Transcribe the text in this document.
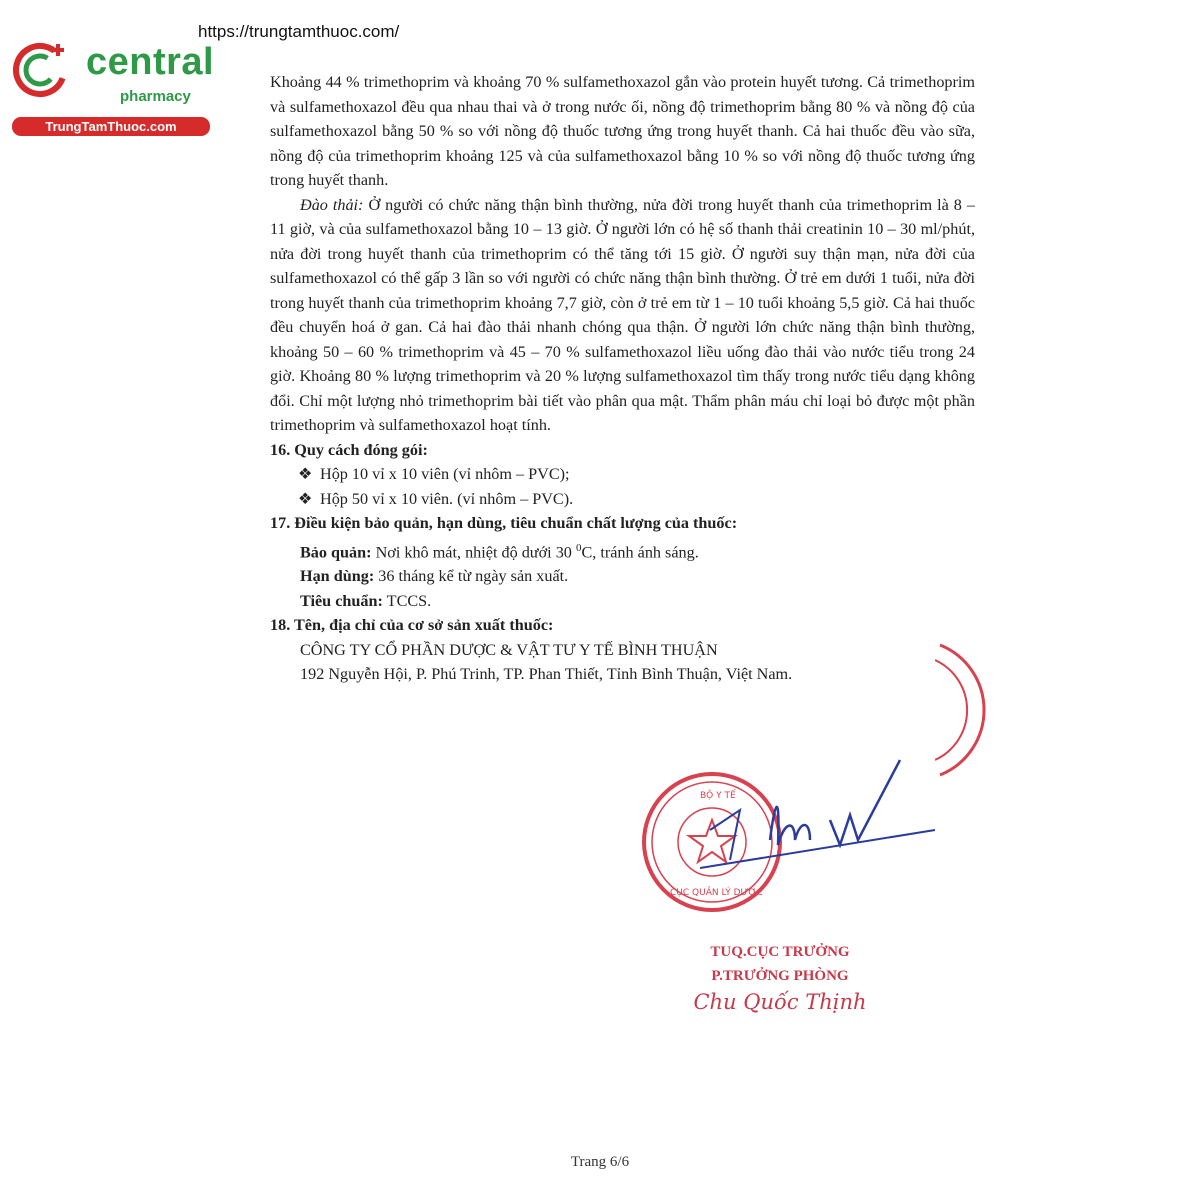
https://trungtamthuoc.com/
central
pharmacy
TrungTamThuoc.com

Khoảng 44 % trimethoprim và khoảng 70 % sulfamethoxazol gắn vào protein huyết tương. Cả trimethoprim và sulfamethoxazol đều qua nhau thai và ở trong nước ối, nồng độ trimethoprim bằng 80 % và nồng độ của sulfamethoxazol bằng 50 % so với nồng độ thuốc tương ứng trong huyết thanh. Cả hai thuốc đều vào sữa, nồng độ của trimethoprim khoảng 125 và của sulfamethoxazol bằng 10 % so với nồng độ thuốc tương ứng trong huyết thanh.

Đào thải: Ở người có chức năng thận bình thường, nửa đời trong huyết thanh của trimethoprim là 8 – 11 giờ, và của sulfamethoxazol bằng 10 – 13 giờ. Ở người lớn có hệ số thanh thải creatinin 10 – 30 ml/phút, nửa đời trong huyết thanh của trimethoprim có thể tăng tới 15 giờ. Ở người suy thận mạn, nửa đời của sulfamethoxazol có thể gấp 3 lần so với người có chức năng thận bình thường. Ở trẻ em dưới 1 tuổi, nửa đời trong huyết thanh của trimethoprim khoảng 7,7 giờ, còn ở trẻ em từ 1 – 10 tuổi khoảng 5,5 giờ. Cả hai thuốc đều chuyển hoá ở gan. Cả hai đào thải nhanh chóng qua thận. Ở người lớn chức năng thận bình thường, khoảng 50 – 60 % trimethoprim và 45 – 70 % sulfamethoxazol liều uống đào thải vào nước tiểu trong 24 giờ. Khoảng 80 % lượng trimethoprim và 20 % lượng sulfamethoxazol tìm thấy trong nước tiểu dạng không đổi. Chỉ một lượng nhỏ trimethoprim bài tiết vào phân qua mật. Thẩm phân máu chỉ loại bỏ được một phần trimethoprim và sulfamethoxazol hoạt tính.

16. Quy cách đóng gói:

❖ Hộp 10 vỉ x 10 viên (vỉ nhôm – PVC);

❖ Hộp 50 vỉ x 10 viên. (vỉ nhôm – PVC).

17. Điều kiện bảo quản, hạn dùng, tiêu chuẩn chất lượng của thuốc:

Bảo quản: Nơi khô mát, nhiệt độ dưới 30 $^0$C, tránh ánh sáng.

Hạn dùng: 36 tháng kể từ ngày sản xuất.

Tiêu chuẩn: TCCS.

18. Tên, địa chỉ của cơ sở sản xuất thuốc:

CÔNG TY CỔ PHẦN DƯỢC & VẬT TƯ Y TẾ BÌNH THUẬN

192 Nguyễn Hội, P. Phú Trinh, TP. Phan Thiết, Tỉnh Bình Thuận, Việt Nam.

BỘ Y TẾ
CỤC QUẢN LÝ DƯỢC
TUQ.CỤC TRƯỞNG
P.TRƯỞNG PHÒNG
Chu Quốc Thịnh
Trang 6/6
